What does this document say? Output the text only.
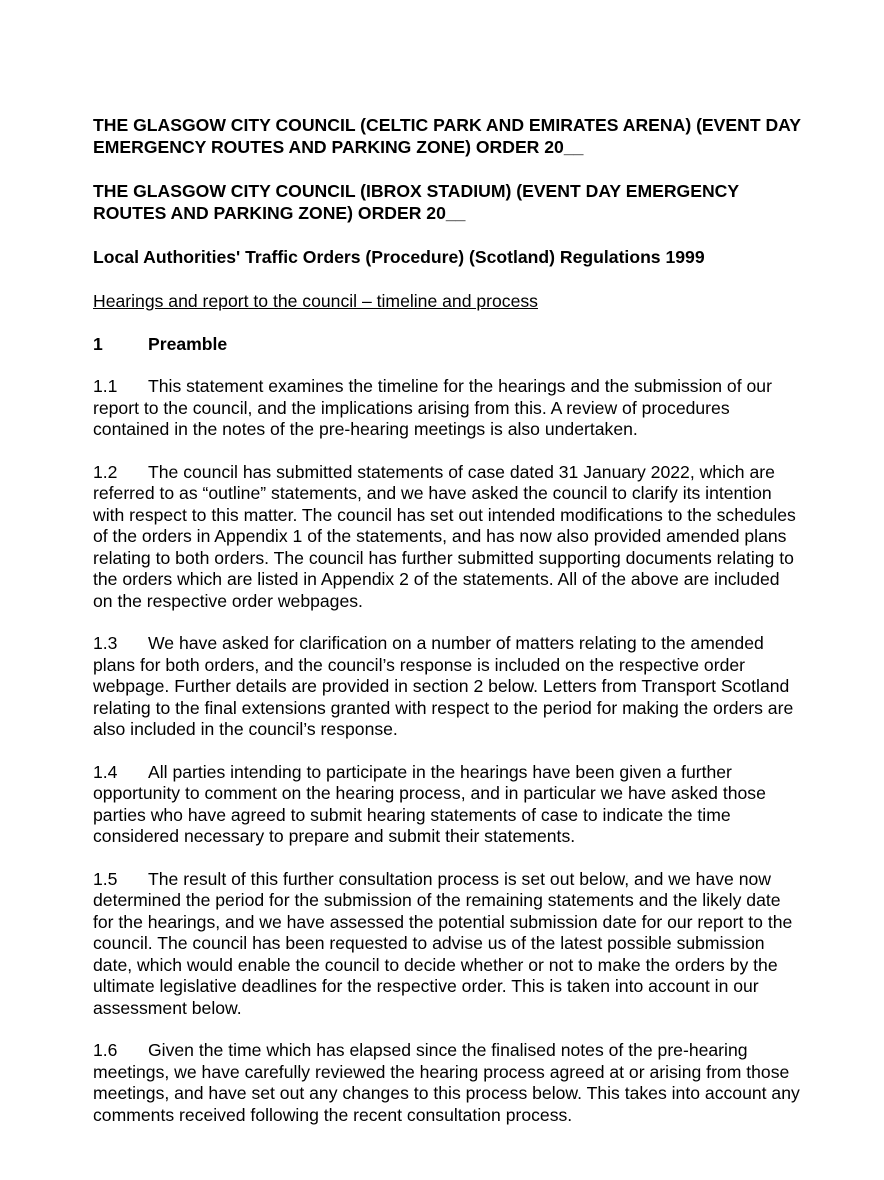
THE GLASGOW CITY COUNCIL (CELTIC PARK AND EMIRATES ARENA) (EVENT DAY EMERGENCY ROUTES AND PARKING ZONE) ORDER 20__

THE GLASGOW CITY COUNCIL (IBROX STADIUM) (EVENT DAY EMERGENCY ROUTES AND PARKING ZONE) ORDER 20__

Local Authorities' Traffic Orders (Procedure) (Scotland) Regulations 1999

Hearings and report to the council – timeline and process

1	Preamble

1.1 This statement examines the timeline for the hearings and the submission of our report to the council, and the implications arising from this. A review of procedures contained in the notes of the pre-hearing meetings is also undertaken.

1.2 The council has submitted statements of case dated 31 January 2022, which are referred to as “outline” statements, and we have asked the council to clarify its intention with respect to this matter. The council has set out intended modifications to the schedules of the orders in Appendix 1 of the statements, and has now also provided amended plans relating to both orders. The council has further submitted supporting documents relating to the orders which are listed in Appendix 2 of the statements. All of the above are included on the respective order webpages.

1.3 We have asked for clarification on a number of matters relating to the amended plans for both orders, and the council’s response is included on the respective order webpage. Further details are provided in section 2 below. Letters from Transport Scotland relating to the final extensions granted with respect to the period for making the orders are also included in the council’s response.

1.4 All parties intending to participate in the hearings have been given a further opportunity to comment on the hearing process, and in particular we have asked those parties who have agreed to submit hearing statements of case to indicate the time considered necessary to prepare and submit their statements.

1.5 The result of this further consultation process is set out below, and we have now determined the period for the submission of the remaining statements and the likely date for the hearings, and we have assessed the potential submission date for our report to the council. The council has been requested to advise us of the latest possible submission date, which would enable the council to decide whether or not to make the orders by the ultimate legislative deadlines for the respective order. This is taken into account in our assessment below.

1.6 Given the time which has elapsed since the finalised notes of the pre-hearing meetings, we have carefully reviewed the hearing process agreed at or arising from those meetings, and have set out any changes to this process below. This takes into account any comments received following the recent consultation process.
